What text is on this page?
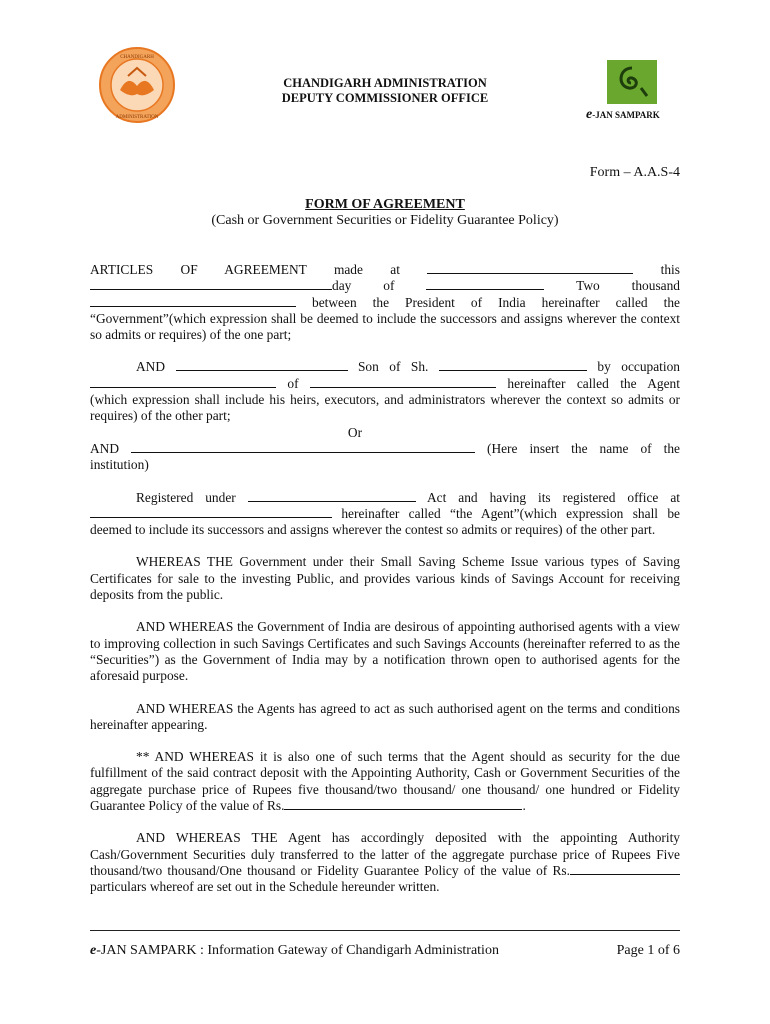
CHANDIGARH
ADMINISTRATION
CHANDIGARH ADMINISTRATION
DEPUTY COMMISSIONER OFFICE
e-JAN SAMPARK
Form – A.A.S-4
FORM OF AGREEMENT
(Cash or Government Securities or Fidelity Guarantee Policy)

ARTICLES OF AGREEMENT made at	this

day of	Two thousand

between the President of India hereinafter called the

“Government”(which expression shall be deemed to include the successors and assigns wherever the context so admits or requires) of the one part;

AND	Son of Sh.	by occupation

of	hereinafter called the Agent

(which expression shall include his heirs, executors, and administrators wherever the context so admits or requires) of the other part;

Or

AND	(Here insert the name of the

institution)

Registered under	Act and having its registered office at

hereinafter called “the Agent”(which expression shall be

deemed to include its successors and assigns wherever the contest so admits or requires) of the other part.

WHEREAS THE Government under their Small Saving Scheme Issue various types of Saving Certificates for sale to the investing Public, and provides various kinds of Savings Account for receiving deposits from the public.

AND WHEREAS the Government of India are desirous of appointing authorised agents with a view to improving collection in such Savings Certificates and such Savings Accounts (hereinafter referred to as the “Securities”) as the Government of India may by a notification thrown open to authorised agents for the aforesaid purpose.

AND WHEREAS the Agents has agreed to act as such authorised agent on the terms and conditions hereinafter appearing.

** AND WHEREAS it is also one of such terms that the Agent should as security for the due fulfillment of the said contract deposit with the Appointing Authority, Cash or Government Securities of the aggregate purchase price of Rupees five thousand/two thousand/ one thousand/ one hundred or Fidelity Guarantee Policy of the value of Rs.	.

AND WHEREAS THE Agent has accordingly deposited with the appointing Authority Cash/Government Securities duly transferred to the latter of the aggregate purchase price of Rupees Five thousand/two thousand/One thousand or Fidelity Guarantee Policy of the value of Rs. particulars whereof are set out in the Schedule hereunder written.

e-JAN SAMPARK : Information Gateway of Chandigarh Administration	Page 1 of 6
